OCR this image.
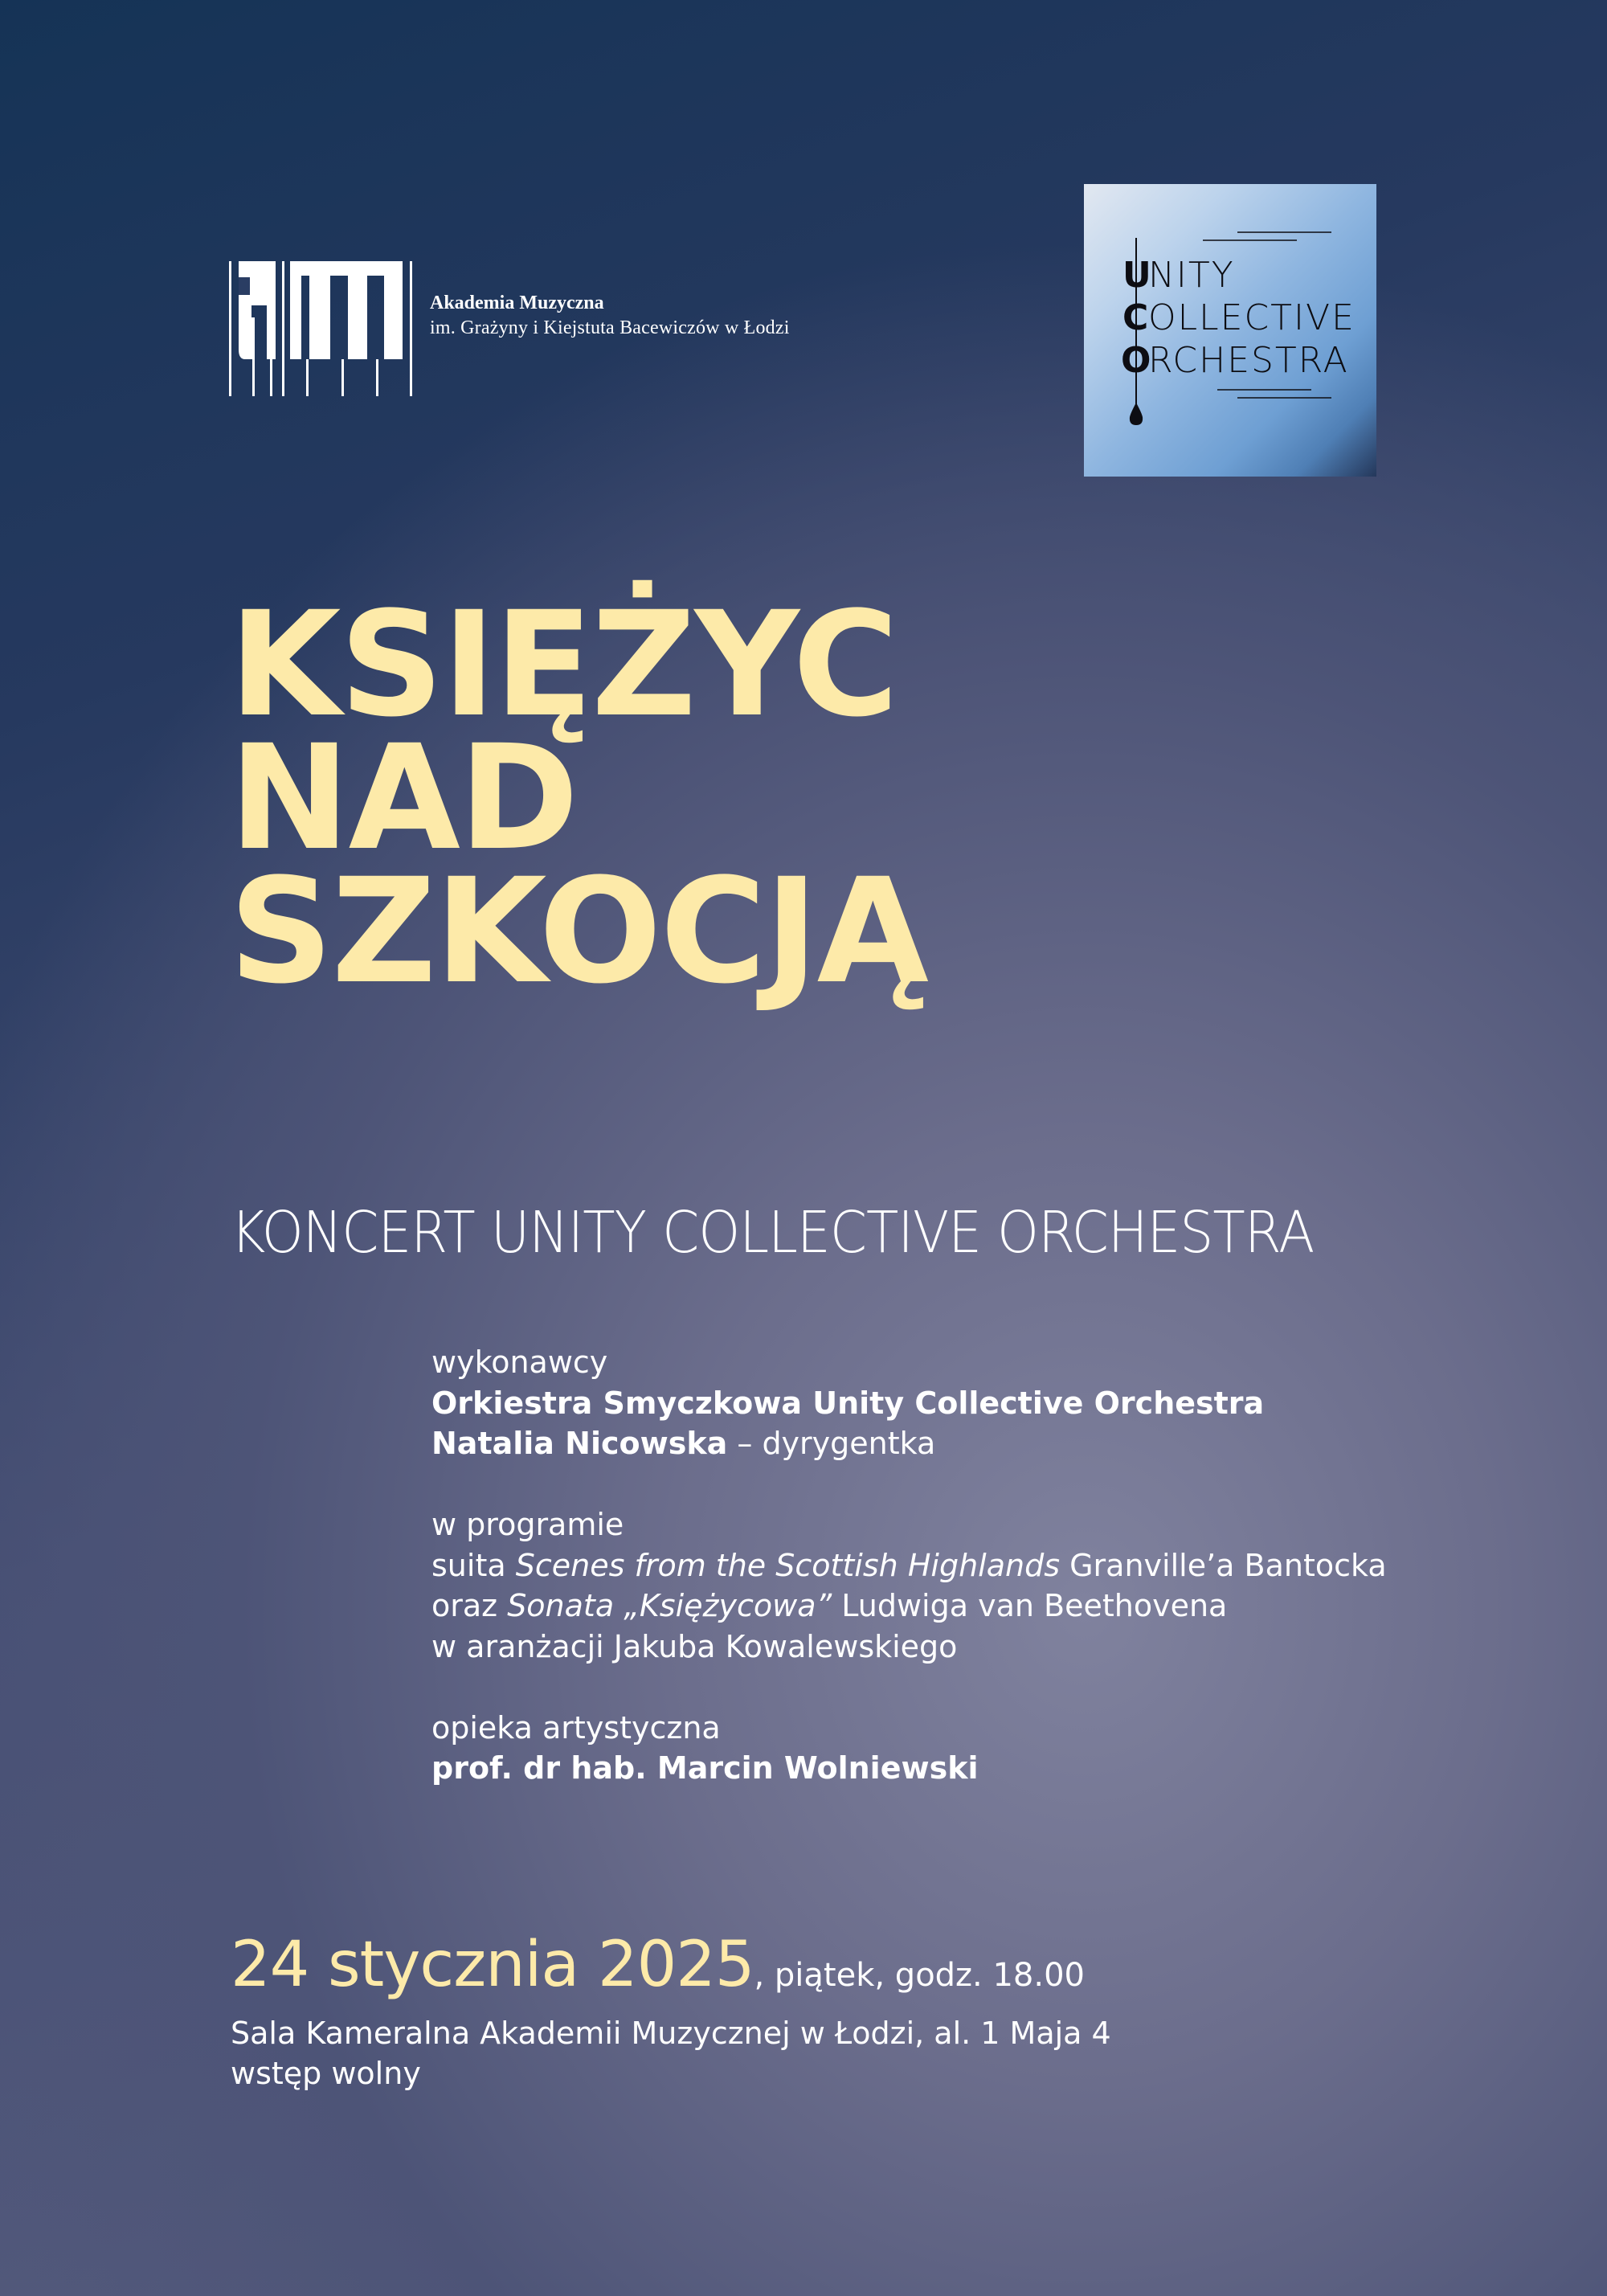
Akademia Muzyczna
im. Grażyny i Kiejstuta Bacewiczów w Łodzi
U
NITY
C OLLECTIVE
O
RCHESTRA
KSIĘŻYC
NAD
SZKOCJĄ
KONCERT UNITY COLLECTIVE ORCHESTRA
wykonawcy
Orkiestra Smyczkowa Unity Collective Orchestra
Natalia Nicowska – dyrygentka
w programie
suita Scenes from the Scottish Highlands Granville’a Bantocka
oraz Sonata „Księżycowa” Ludwiga van Beethovena
w aranżacji Jakuba Kowalewskiego
opieka artystyczna
prof. dr hab. Marcin Wolniewski
24 stycznia 2025, piątek, godz. 18.00
Sala Kameralna Akademii Muzycznej w Łodzi, al. 1 Maja 4
wstęp wolny
